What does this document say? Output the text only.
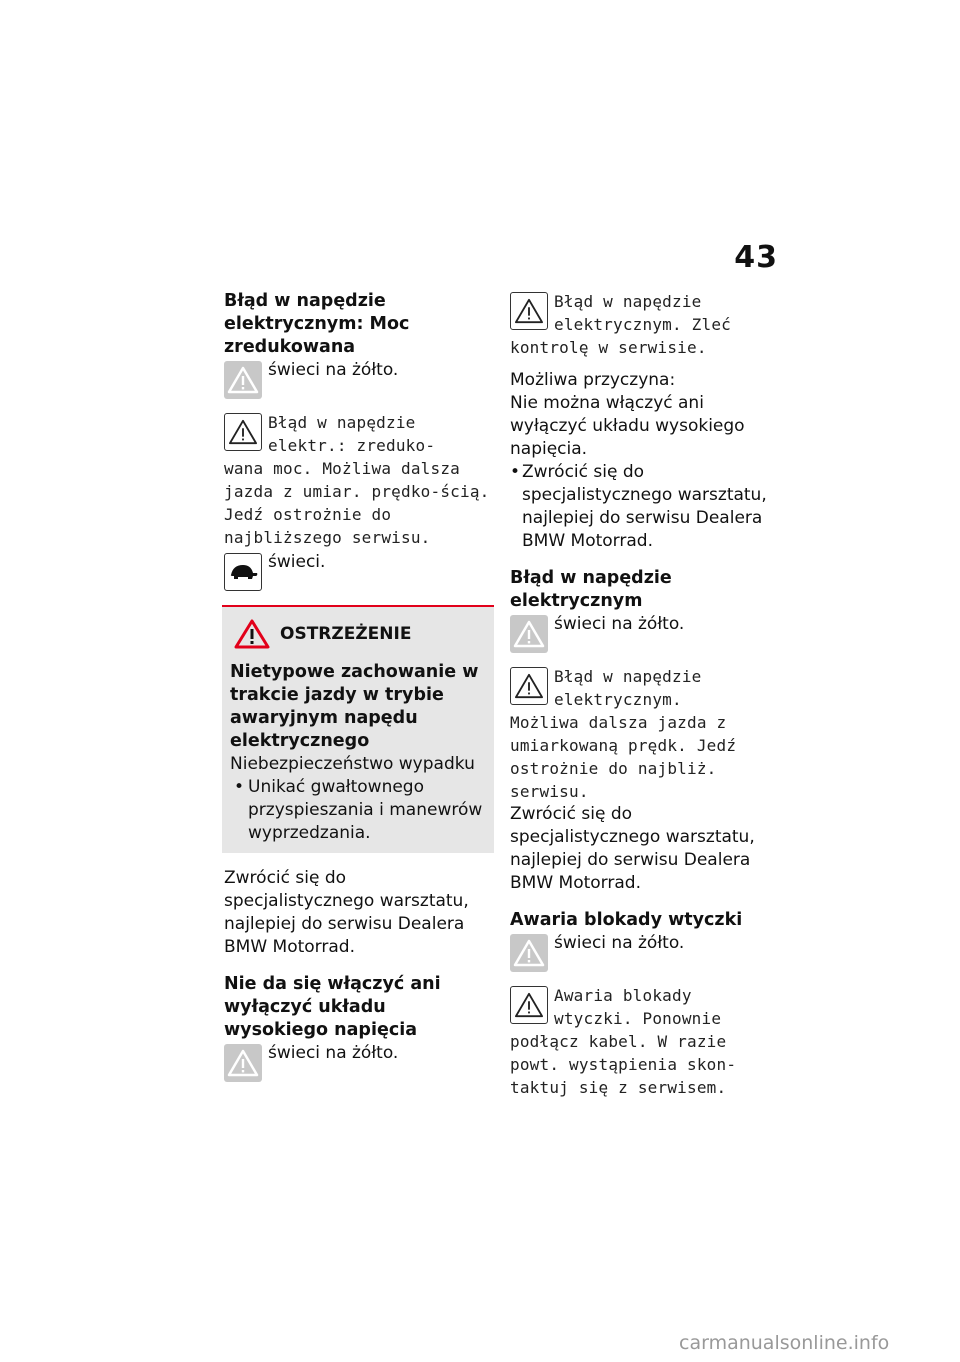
43
Błąd w napędzie elektrycznym: Moc zredukowana
świeci na żółto.
Błąd w napędzie
elektr.: zreduko-
wana moc. Możliwa dalsza jazda z umiar. prędko-ścią. Jedź ostrożnie do najbliższego serwisu.
świeci.
OSTRZEŻENIE
Nietypowe zachowanie w trakcie jazdy w trybie awaryjnym napędu elektrycznego
Niebezpieczeństwo wypadku
• Unikać gwałtownego przyspieszania i manewrów wyprzedzania.
Zwrócić się do specjalistycznego warsztatu, najlepiej do serwisu Dealera BMW Motorrad.
Nie da się włączyć ani wyłączyć układu wysokiego napięcia
świeci na żółto.
Błąd w napędzie
elektrycznym. Zleć
kontrolę w serwisie.
Możliwa przyczyna:
Nie można włączyć ani wyłączyć układu wysokiego napięcia.
• Zwrócić się do specjalistycznego warsztatu, najlepiej do serwisu Dealera BMW Motorrad.
Błąd w napędzie elektrycznym
świeci na żółto.
Błąd w napędzie
elektrycznym.
Możliwa dalsza jazda z umiarkowaną prędk. Jedź ostrożnie do najbliż. serwisu.
Zwrócić się do specjalistycznego warsztatu, najlepiej do serwisu Dealera BMW Motorrad.
Awaria blokady wtyczki
świeci na żółto.
Awaria blokady
wtyczki. Ponownie
podłącz kabel. W razie powt. wystąpienia skon-taktuj się z serwisem.
carmanualsonline.info
